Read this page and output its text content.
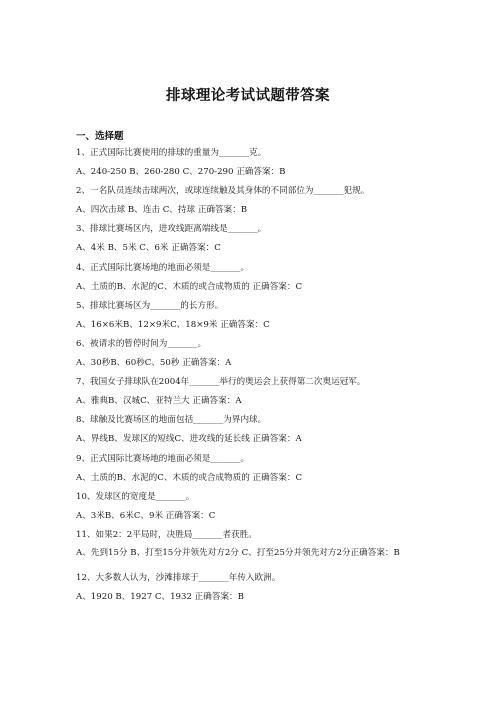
排球理论考试试题带答案
一、选择题
1、正式国际比赛使用的排球的重量为_______克。
A、240-250 B、260-280 C、270-290 正确答案：B
2、一名队员连续击球两次，或球连续触及其身体的不同部位为_______犯规。
A、四次击球 B、连击 C、持球 正确答案：B
3、排球比赛场区内，进攻线距离端线是_______。
A、4米 B、5米 C、6米 正确答案：C
4、正式国际比赛场地的地面必须是_______。
A、土质的B、水泥的C、木质的或合成物质的 正确答案：C
5、排球比赛场区为_______的长方形。
A、16×6米B、12×9米C、18×9米 正确答案：C
6、被请求的暂停时间为_______。
A、30秒B、60秒C、50秒 正确答案：A
7、我国女子排球队在2004年_______举行的奥运会上获得第二次奥运冠军。
A、雅典B、汉城C、亚特兰大 正确答案：A
8、球触及比赛场区的地面包括_______为界内球。
A、界线B、发球区的短线C、进攻线的延长线 正确答案：A
9、正式国际比赛场地的地面必须是_______。
A、土质的B、水泥的C、木质的或合成物质的 正确答案：C
10、发球区的宽度是_______。
A、3米B、6米C、9米 正确答案：C
11、如果2：2平局时，决胜局_______者获胜。
A、先到15分 B、打至15分并领先对方2分 C、打至25分并领先对方2分正确答案：B
12、大多数人认为，沙滩排球于_______年传入欧洲。
A、1920 B、1927 C、1932 正确答案：B
